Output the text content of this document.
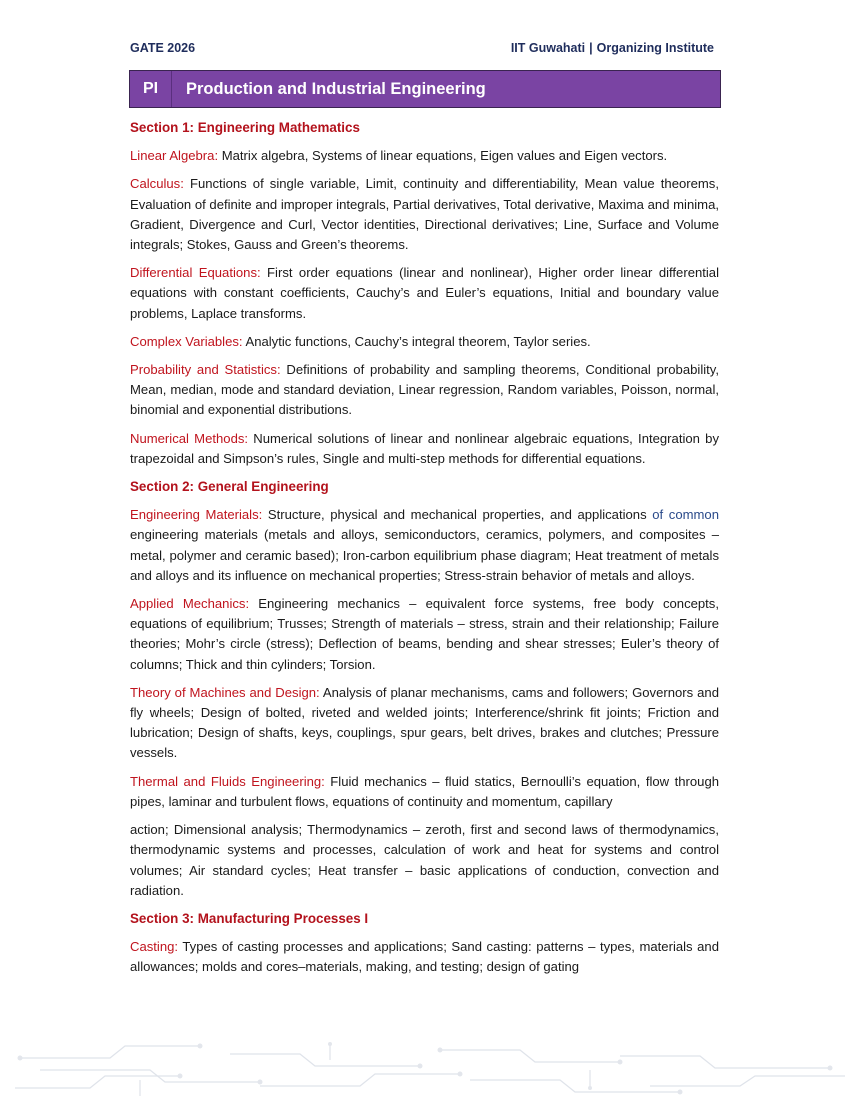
GATE 2026	IIT Guwahati | Organizing Institute
PI	Production and Industrial Engineering
Section 1: Engineering Mathematics

Linear Algebra: Matrix algebra, Systems of linear equations, Eigen values and Eigen vectors.

Calculus: Functions of single variable, Limit, continuity and differentiability, Mean value theorems, Evaluation of definite and improper integrals, Partial derivatives, Total derivative, Maxima and minima, Gradient, Divergence and Curl, Vector identities, Directional derivatives; Line, Surface and Volume integrals; Stokes, Gauss and Green’s theorems.

Differential Equations: First order equations (linear and nonlinear), Higher order linear differential equations with constant coefficients, Cauchy’s and Euler’s equations, Initial and boundary value problems, Laplace transforms.

Complex Variables: Analytic functions, Cauchy’s integral theorem, Taylor series.

Probability and Statistics: Definitions of probability and sampling theorems, Conditional probability, Mean, median, mode and standard deviation, Linear regression, Random variables, Poisson, normal, binomial and exponential distributions.

Numerical Methods: Numerical solutions of linear and nonlinear algebraic equations, Integration by trapezoidal and Simpson’s rules, Single and multi-step methods for differential equations.

Section 2: General Engineering

Engineering Materials: Structure, physical and mechanical properties, and applications of common engineering materials (metals and alloys, semiconductors, ceramics, polymers, and composites – metal, polymer and ceramic based); Iron-carbon equilibrium phase diagram; Heat treatment of metals and alloys and its influence on mechanical properties; Stress-strain behavior of metals and alloys.

Applied Mechanics: Engineering mechanics – equivalent force systems, free body concepts, equations of equilibrium; Trusses; Strength of materials – stress, strain and their relationship; Failure theories; Mohr’s circle (stress); Deflection of beams, bending and shear stresses; Euler’s theory of columns; Thick and thin cylinders; Torsion.

Theory of Machines and Design: Analysis of planar mechanisms, cams and followers; Governors and fly wheels; Design of bolted, riveted and welded joints; Interference/shrink fit joints; Friction and lubrication; Design of shafts, keys, couplings, spur gears, belt drives, brakes and clutches; Pressure vessels.

Thermal and Fluids Engineering: Fluid mechanics – fluid statics, Bernoulli’s equation, flow through pipes, laminar and turbulent flows, equations of continuity and momentum, capillary

action; Dimensional analysis; Thermodynamics – zeroth, first and second laws of thermodynamics, thermodynamic systems and processes, calculation of work and heat for systems and control volumes; Air standard cycles; Heat transfer – basic applications of conduction, convection and radiation.

Section 3: Manufacturing Processes I

Casting: Types of casting processes and applications; Sand casting: patterns – types, materials and allowances; molds and cores–materials, making, and testing; design of gating
